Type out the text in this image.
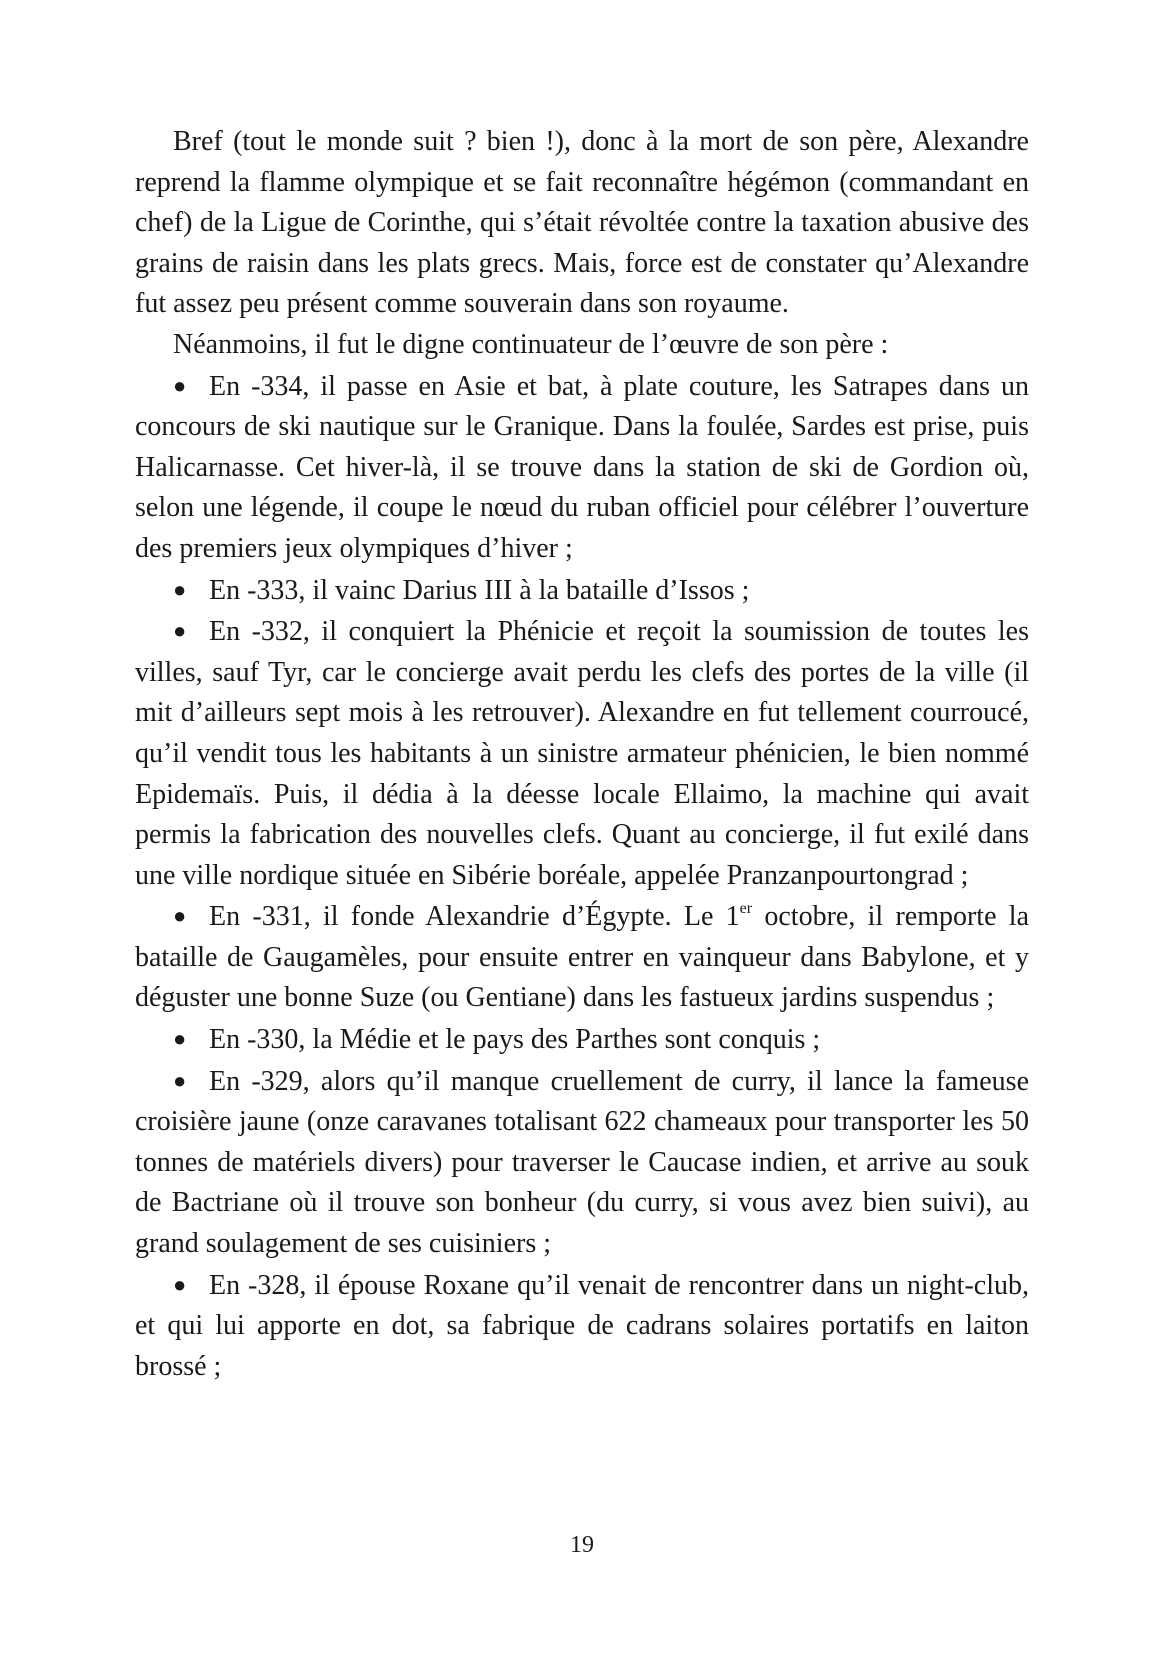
Bref (tout le monde suit ? bien !), donc à la mort de son père, Alexandre reprend la flamme olympique et se fait reconnaître hégémon (commandant en chef) de la Ligue de Corinthe, qui s’était révoltée contre la taxation abusive des grains de raisin dans les plats grecs. Mais, force est de constater qu’Alexandre fut assez peu présent comme souverain dans son royaume.

Néanmoins, il fut le digne continuateur de l’œuvre de son père :

● En -334, il passe en Asie et bat, à plate couture, les Satrapes dans un concours de ski nautique sur le Granique. Dans la foulée, Sardes est prise, puis Halicarnasse. Cet hiver-là, il se trouve dans la station de ski de Gordion où, selon une légende, il coupe le nœud du ruban officiel pour célébrer l’ouverture des premiers jeux olympiques d’hiver ;

● En -333, il vainc Darius III à la bataille d’Issos ;

● En -332, il conquiert la Phénicie et reçoit la soumission de toutes les villes, sauf Tyr, car le concierge avait perdu les clefs des portes de la ville (il mit d’ailleurs sept mois à les retrouver). Alexandre en fut tellement courroucé, qu’il vendit tous les habitants à un sinistre armateur phénicien, le bien nommé Epidemaïs. Puis, il dédia à la déesse locale Ellaimo, la machine qui avait permis la fabrication des nouvelles clefs. Quant au concierge, il fut exilé dans une ville nordique située en Sibérie boréale, appelée Pranzanpourtongrad ;

● En -331, il fonde Alexandrie d’Égypte. Le 1er octobre, il remporte la bataille de Gaugamèles, pour ensuite entrer en vainqueur dans Babylone, et y déguster une bonne Suze (ou Gentiane) dans les fastueux jardins suspendus ;

● En -330, la Médie et le pays des Parthes sont conquis ;

● En -329, alors qu’il manque cruellement de curry, il lance la fameuse croisière jaune (onze caravanes totalisant 622 chameaux pour transporter les 50 tonnes de matériels divers) pour traverser le Caucase indien, et arrive au souk de Bactriane où il trouve son bonheur (du curry, si vous avez bien suivi), au grand soulagement de ses cuisiniers ;

● En -328, il épouse Roxane qu’il venait de rencontrer dans un night-club, et qui lui apporte en dot, sa fabrique de cadrans solaires portatifs en laiton brossé ;

19
